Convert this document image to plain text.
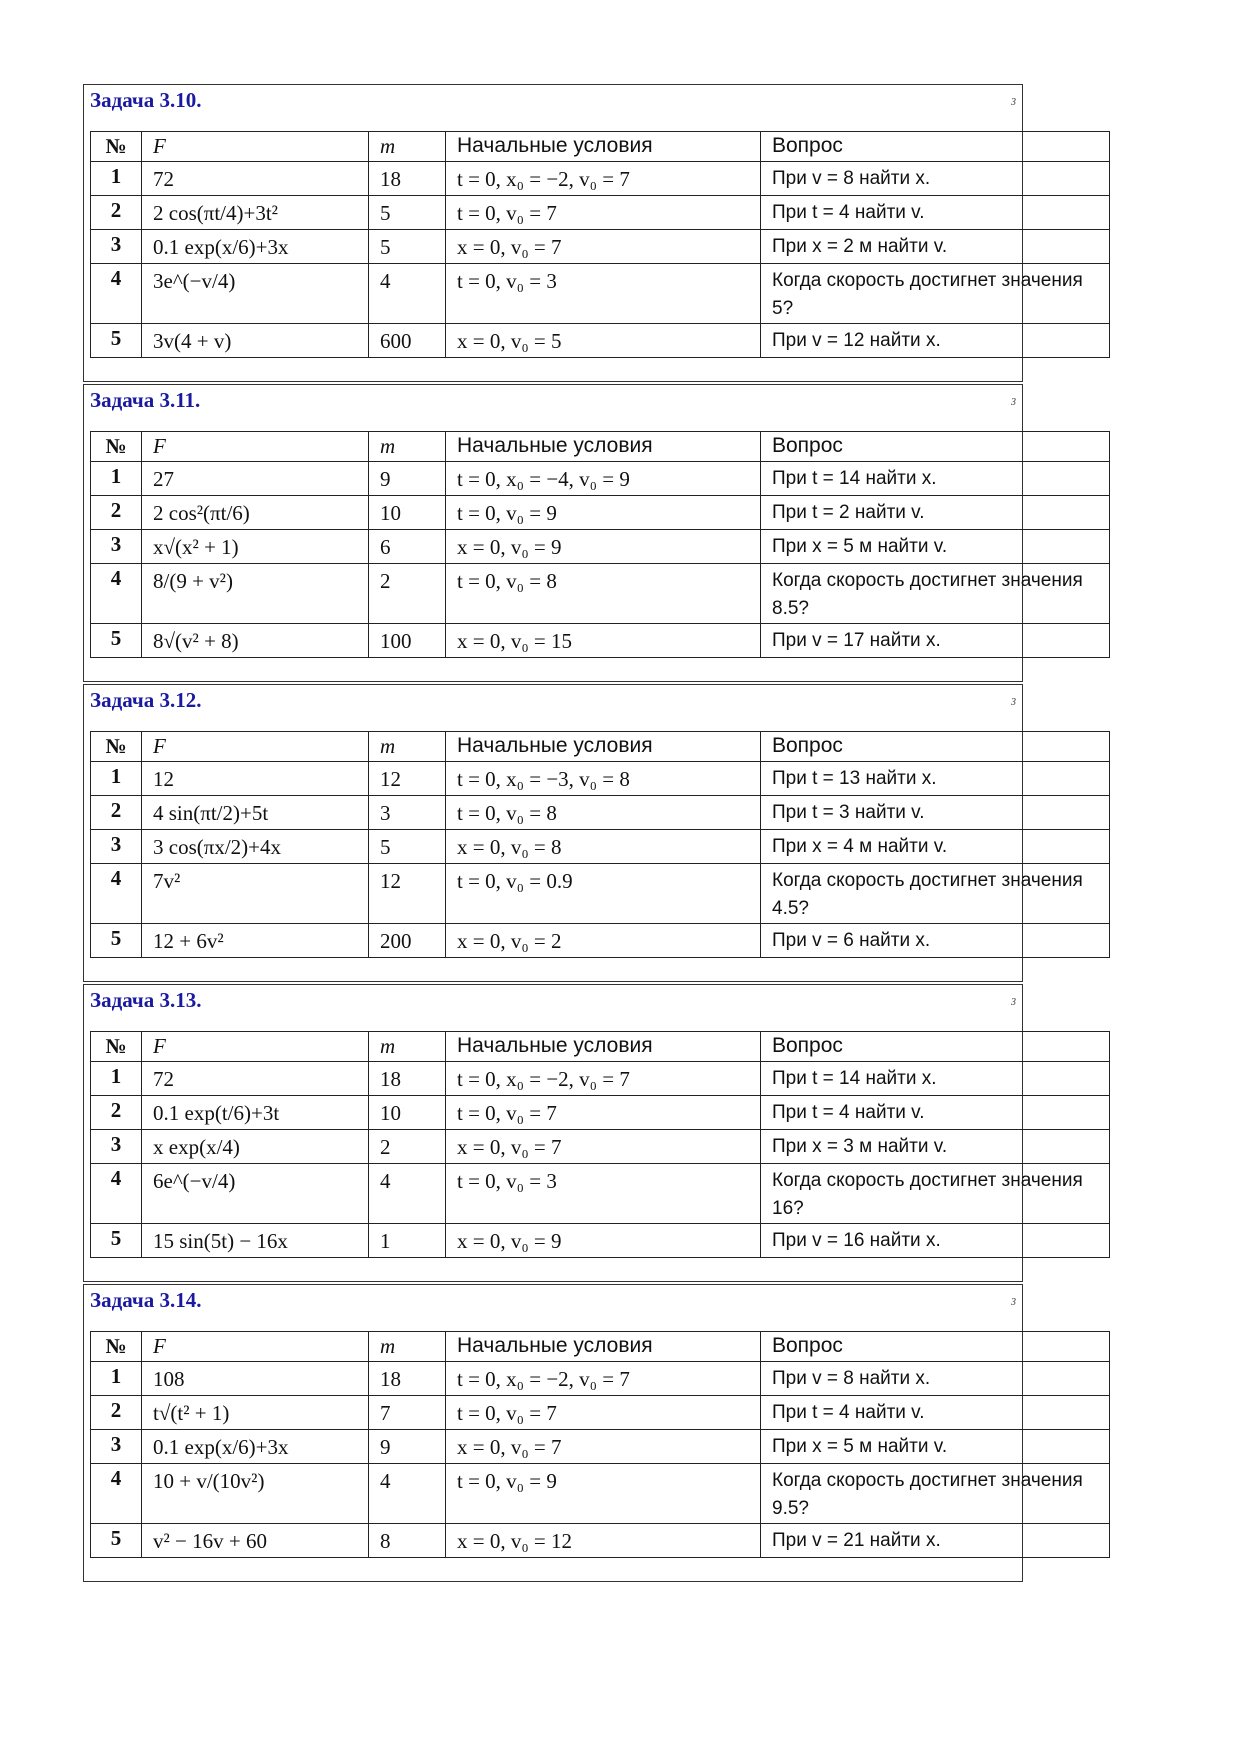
Задача 3.10.	3
№	F	m	Начальные условия	Вопрос
1	72	18	t = 0, x₀ = −2, v₀ = 7	При v = 8 найти x.
2	2 cos(πt/4)+3t²	5	t = 0, v₀ = 7	При t = 4 найти v.
3	0.1 exp(x/6)+3x	5	x = 0, v₀ = 7	При x = 2 м найти v.
4	3e^(−v/4)	4	t = 0, v₀ = 3	Когда скорость достигнет значения 5?
5	3v(4 + v)	600	x = 0, v₀ = 5	При v = 12 найти x.
Задача 3.11.	3
№	F	m	Начальные условия	Вопрос
1	27	9	t = 0, x₀ = −4, v₀ = 9	При t = 14 найти x.
2	2 cos²(πt/6)	10	t = 0, v₀ = 9	При t = 2 найти v.
3	x√(x² + 1)	6	x = 0, v₀ = 9	При x = 5 м найти v.
4	8/(9 + v²)	2	t = 0, v₀ = 8	Когда скорость достигнет значения 8.5?
5	8√(v² + 8)	100	x = 0, v₀ = 15	При v = 17 найти x.
Задача 3.12.	3
№	F	m	Начальные условия	Вопрос
1	12	12	t = 0, x₀ = −3, v₀ = 8	При t = 13 найти x.
2	4 sin(πt/2)+5t	3	t = 0, v₀ = 8	При t = 3 найти v.
3	3 cos(πx/2)+4x	5	x = 0, v₀ = 8	При x = 4 м найти v.
4	7v²	12	t = 0, v₀ = 0.9	Когда скорость достигнет значения 4.5?
5	12 + 6v²	200	x = 0, v₀ = 2	При v = 6 найти x.
Задача 3.13.	3
№	F	m	Начальные условия	Вопрос
1	72	18	t = 0, x₀ = −2, v₀ = 7	При t = 14 найти x.
2	0.1 exp(t/6)+3t	10	t = 0, v₀ = 7	При t = 4 найти v.
3	x exp(x/4)	2	x = 0, v₀ = 7	При x = 3 м найти v.
4	6e^(−v/4)	4	t = 0, v₀ = 3	Когда скорость достигнет значения 16?
5	15 sin(5t) − 16x	1	x = 0, v₀ = 9	При v = 16 найти x.
Задача 3.14.	3
№	F	m	Начальные условия	Вопрос
1	108	18	t = 0, x₀ = −2, v₀ = 7	При v = 8 найти x.
2	t√(t² + 1)	7	t = 0, v₀ = 7	При t = 4 найти v.
3	0.1 exp(x/6)+3x	9	x = 0, v₀ = 7	При x = 5 м найти v.
4	10 + v/(10v²)	4	t = 0, v₀ = 9	Когда скорость достигнет значения 9.5?
5	v² − 16v + 60	8	x = 0, v₀ = 12	При v = 21 найти x.
